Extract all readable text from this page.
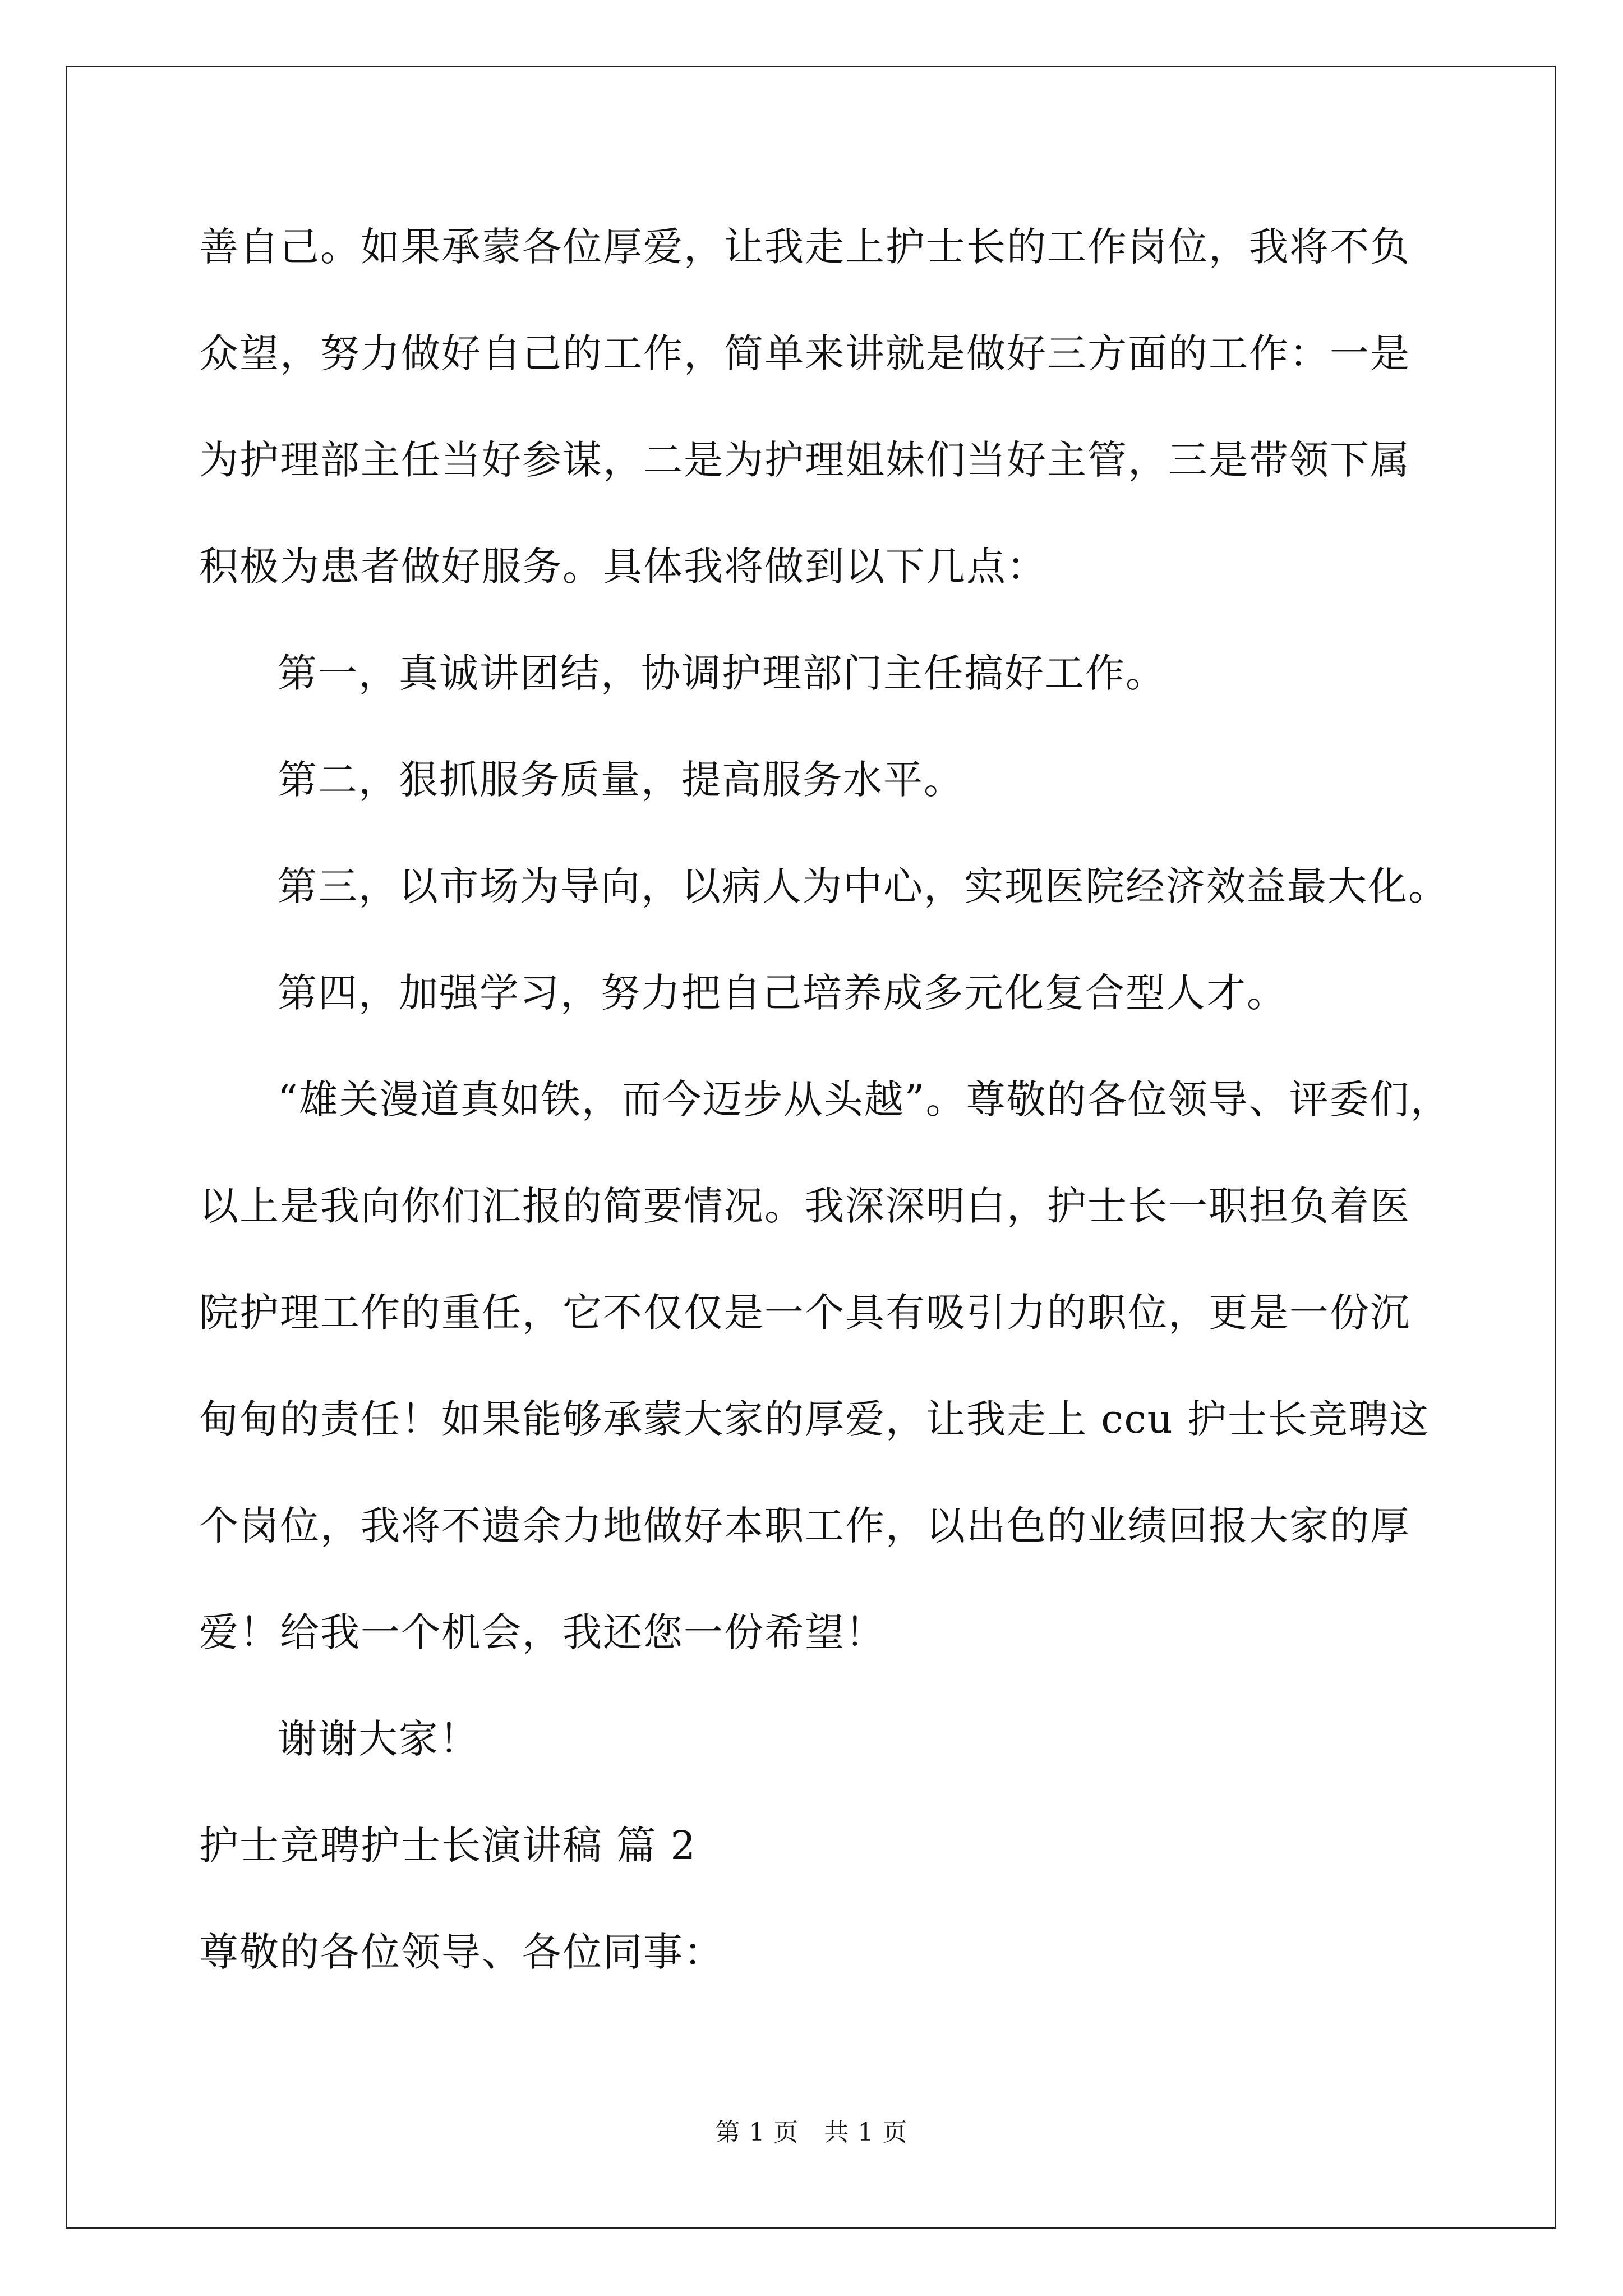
善自己。如果承蒙各位厚爱，让我走上护士长的工作岗位，我将不负
众望，努力做好自己的工作，简单来讲就是做好三方面的工作：一是
为护理部主任当好参谋，二是为护理姐妹们当好主管，三是带领下属
积极为患者做好服务。具体我将做到以下几点：
第一，真诚讲团结，协调护理部门主任搞好工作。
第二，狠抓服务质量，提高服务水平。
第三，以市场为导向，以病人为中心，实现医院经济效益最大化。
第四，加强学习，努力把自己培养成多元化复合型人才。
“雄关漫道真如铁，而今迈步从头越”。尊敬的各位领导、评委们，
以上是我向你们汇报的简要情况。我深深明白，护士长一职担负着医
院护理工作的重任，它不仅仅是一个具有吸引力的职位，更是一份沉
甸甸的责任！如果能够承蒙大家的厚爱，让我走上 ccu 护士长竞聘这
个岗位，我将不遗余力地做好本职工作，以出色的业绩回报大家的厚
爱！给我一个机会，我还您一份希望！
谢谢大家！
护士竞聘护士长演讲稿 篇 2
尊敬的各位领导、各位同事：
第 1 页　共 1 页
